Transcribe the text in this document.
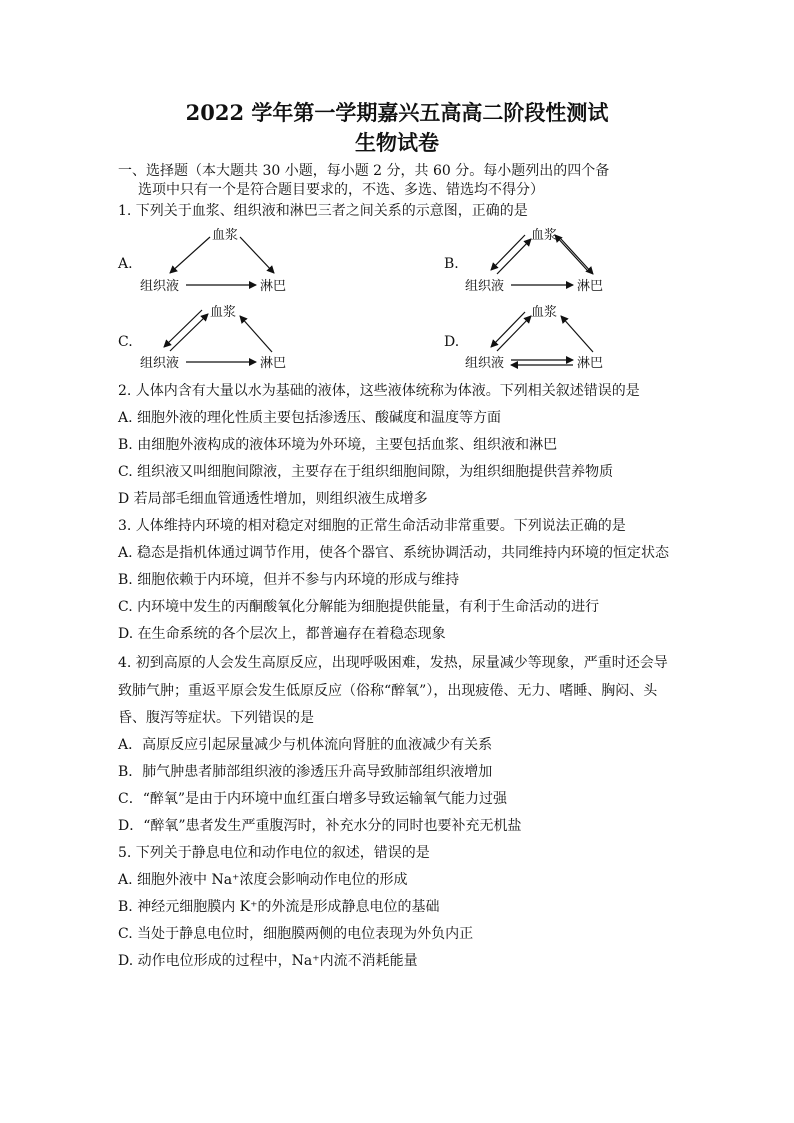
2022 学年第一学期嘉兴五高高二阶段性测试
生物试卷
一、选择题（本大题共 30 小题，每小题 2 分，共 60 分。每小题列出的四个备
选项中只有一个是符合题目要求的，不选、多选、错选均不得分）
1. 下列关于血浆、组织液和淋巴三者之间关系的示意图，正确的是
A.
血浆
组织液	淋巴
B.
血浆
组织液	淋巴
C.
血浆
组织液	淋巴
D.
血浆
组织液	淋巴
2. 人体内含有大量以水为基础的液体，这些液体统称为体液。下列相关叙述错误的是
A. 细胞外液的理化性质主要包括渗透压、酸碱度和温度等方面
B. 由细胞外液构成的液体环境为外环境，主要包括血浆、组织液和淋巴
C. 组织液又叫细胞间隙液，主要存在于组织细胞间隙，为组织细胞提供营养物质
D 若局部毛细血管通透性增加，则组织液生成增多
3. 人体维持内环境的相对稳定对细胞的正常生命活动非常重要。下列说法正确的是
A. 稳态是指机体通过调节作用，使各个器官、系统协调活动，共同维持内环境的恒定状态
B. 细胞依赖于内环境，但并不参与内环境的形成与维持
C. 内环境中发生的丙酮酸氧化分解能为细胞提供能量，有利于生命活动的进行
D. 在生命系统的各个层次上，都普遍存在着稳态现象
4. 初到高原的人会发生高原反应，出现呼吸困难，发热，尿量减少等现象，严重时还会导
致肺气肿；重返平原会发生低原反应（俗称“醉氧”），出现疲倦、无力、嗜睡、胸闷、头
昏、腹泻等症状。下列错误的是
A．高原反应引起尿量减少与机体流向肾脏的血液减少有关系
B．肺气肿患者肺部组织液的渗透压升高导致肺部组织液增加
C．“醉氧”是由于内环境中血红蛋白增多导致运输氧气能力过强
D．“醉氧”患者发生严重腹泻时，补充水分的同时也要补充无机盐
5. 下列关于静息电位和动作电位的叙述，错误的是
A. 细胞外液中 Na⁺浓度会影响动作电位的形成
B. 神经元细胞膜内 K⁺的外流是形成静息电位的基础
C. 当处于静息电位时，细胞膜两侧的电位表现为外负内正
D. 动作电位形成的过程中，Na⁺内流不消耗能量
